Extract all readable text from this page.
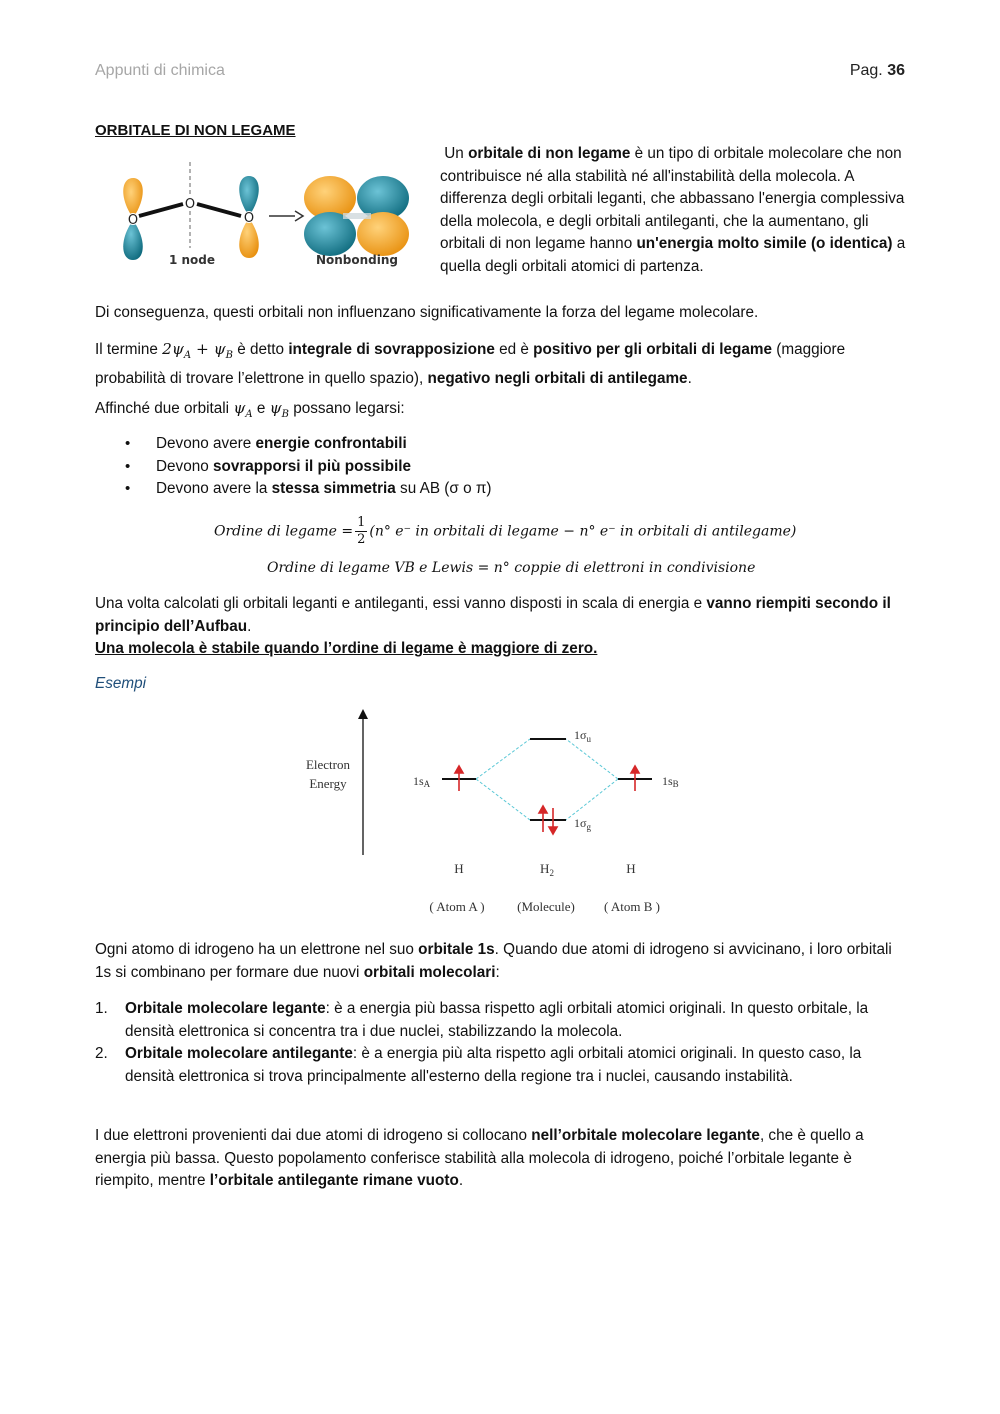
Appunti di chimica	Pag. 36
ORBITALE DI NON LEGAME
O
O
O
1 node	Nonbonding
Un orbitale di non legame è un tipo di orbitale molecolare che non contribuisce né alla stabilità né all'instabilità della molecola. A differenza degli orbitali leganti, che abbassano l'energia complessiva della molecola, e degli orbitali antileganti, che la aumentano, gli orbitali di non legame hanno un'energia molto simile (o identica) a quella degli orbitali atomici di partenza.
Di conseguenza, questi orbitali non influenzano significativamente la forza del legame molecolare.
Il termine $2\psi_A + \psi_B$ è detto integrale di sovrapposizione ed è positivo per gli orbitali di legame (maggiore probabilità di trovare l’elettrone in quello spazio), negativo negli orbitali di antilegame.
Affinché due orbitali $\psi_A$ e $\psi_B$ possano legarsi:
• Devono avere energie confrontabili
• Devono sovrapporsi il più possibile
• Devono avere la stessa simmetria su AB (σ o π)
Ordine di legame = $\frac{1}{2} (n^\circ$ e⁻ in orbitali di legame − n° e⁻ in orbitali di antilegame)
Ordine di legame VB e Lewis = n° coppie di elettroni in condivisione
Una volta calcolati gli orbitali leganti e antileganti, essi vanno disposti in scala di energia e vanno riempiti secondo il principio dell’Aufbau.
Una molecola è stabile quando l’ordine di legame è maggiore di zero.
Esempi
Electron
Energy	1sA	1sB
$1\sigma_u$
$1\sigma_g$
H	$H_2$	H
( Atom A ) (Molecule) ( Atom B )
Ogni atomo di idrogeno ha un elettrone nel suo orbitale 1s. Quando due atomi di idrogeno si avvicinano, i loro orbitali 1s si combinano per formare due nuovi orbitali molecolari:
1. Orbitale molecolare legante: è a energia più bassa rispetto agli orbitali atomici originali. In questo orbitale, la densità elettronica si concentra tra i due nuclei, stabilizzando la molecola.
2. Orbitale molecolare antilegante: è a energia più alta rispetto agli orbitali atomici originali. In questo caso, la densità elettronica si trova principalmente all'esterno della regione tra i nuclei, causando instabilità.
I due elettroni provenienti dai due atomi di idrogeno si collocano nell’orbitale molecolare legante, che è quello a energia più bassa. Questo popolamento conferisce stabilità alla molecola di idrogeno, poiché l’orbitale legante è riempito, mentre l’orbitale antilegante rimane vuoto.
